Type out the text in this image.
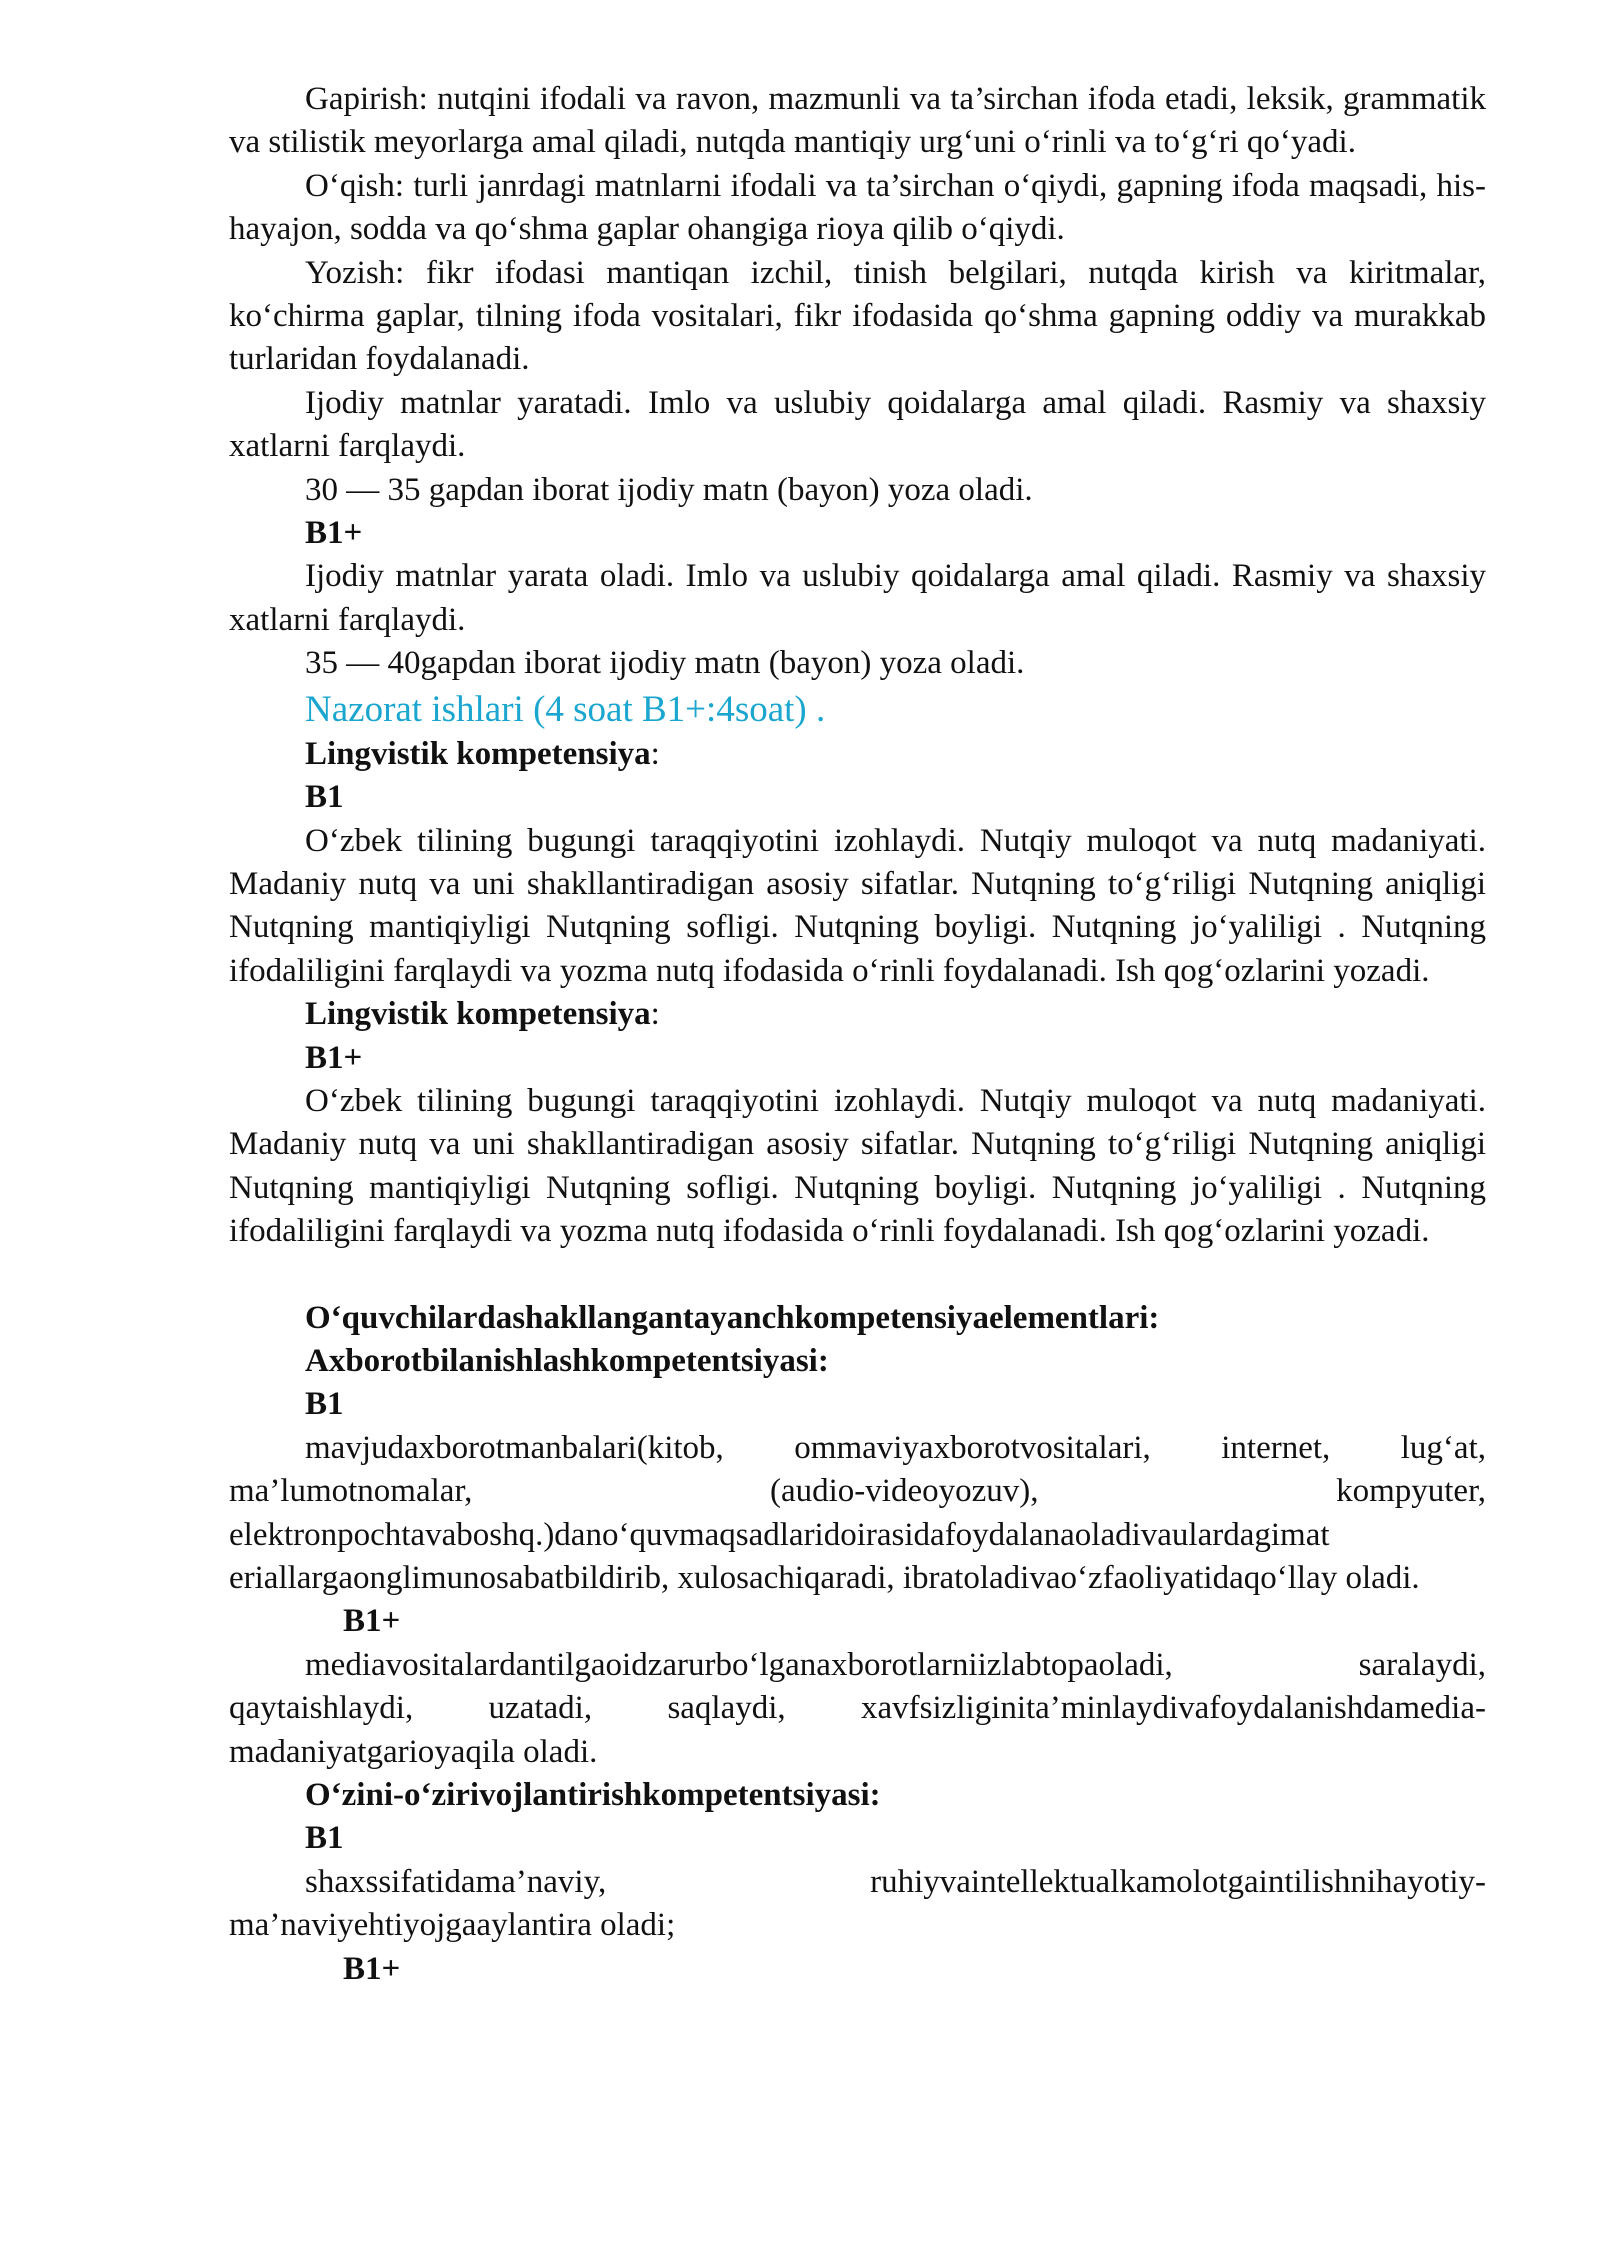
Gapirish: nutqini ifodali va ravon, mazmunli va ta’sirchan ifoda etadi, leksik, grammatik va stilistik meyorlarga amal qiladi, nutqda mantiqiy urg‘uni o‘rinli va to‘g‘ri qo‘yadi.

O‘qish: turli janrdagi matnlarni ifodali va ta’sirchan o‘qiydi, gapning ifoda maqsadi, his-hayajon, sodda va qo‘shma gaplar ohangiga rioya qilib o‘qiydi.

Yozish: fikr ifodasi mantiqan izchil, tinish belgilari, nutqda kirish va kiritmalar, ko‘chirma gaplar, tilning ifoda vositalari, fikr ifodasida qo‘shma gapning oddiy va murakkab turlaridan foydalanadi.

Ijodiy matnlar yaratadi. Imlo va uslubiy qoidalarga amal qiladi. Rasmiy va shaxsiy xatlarni farqlaydi.

30 — 35 gapdan iborat ijodiy matn (bayon) yoza oladi.

B1+

Ijodiy matnlar yarata oladi. Imlo va uslubiy qoidalarga amal qiladi. Rasmiy va shaxsiy xatlarni farqlaydi.

35 — 40gapdan iborat ijodiy matn (bayon) yoza oladi.

Nazorat ishlari (4 soat B1+:4soat) .

Lingvistik kompetensiya:

B1

O‘zbek tilining bugungi taraqqiyotini izohlaydi. Nutqiy muloqot va nutq madaniyati. Madaniy nutq va uni shakllantiradigan asosiy sifatlar. Nutqning to‘g‘riligi Nutqning aniqligi Nutqning mantiqiyligi Nutqning sofligi. Nutqning boyligi. Nutqning jo‘yaliligi . Nutqning ifodaliligini farqlaydi va yozma nutq ifodasida o‘rinli foydalanadi. Ish qog‘ozlarini yozadi.

Lingvistik kompetensiya:

B1+

O‘zbek tilining bugungi taraqqiyotini izohlaydi. Nutqiy muloqot va nutq madaniyati. Madaniy nutq va uni shakllantiradigan asosiy sifatlar. Nutqning to‘g‘riligi Nutqning aniqligi Nutqning mantiqiyligi Nutqning sofligi. Nutqning boyligi. Nutqning jo‘yaliligi . Nutqning ifodaliligini farqlaydi va yozma nutq ifodasida o‘rinli foydalanadi. Ish qog‘ozlarini yozadi.

O‘quvchilardashakllangantayanchkompetensiyaelementlari:

Axborotbilanishlashkompetentsiyasi:

B1

mavjudaxborotmanbalari(kitob, ommaviyaxborotvositalari, internet, lug‘at, ma’lumotnomalar, (audio-videoyozuv), kompyuter,

elektronpochtavaboshq.)dano‘quvmaqsadlaridoirasidafoydalanaoladivaulardagimat

eriallargaonglimunosabatbildirib, xulosachiqaradi, ibratoladivao‘zfaoliyatidaqo‘llay oladi.

B1+

mediavositalardantilgaoidzarurbo‘lganaxborotlarniizlabtopaoladi, saralaydi, qaytaishlaydi, uzatadi, saqlaydi, xavfsizliginita’minlaydivafoydalanishdamedia-madaniyatgarioyaqila oladi.

O‘zini-o‘zirivojlantirishkompetentsiyasi:

B1

shaxssifatidama’naviy, ruhiyvaintellektualkamolotgaintilishnihayotiy-ma’naviyehtiyojgaaylantira oladi;

B1+
